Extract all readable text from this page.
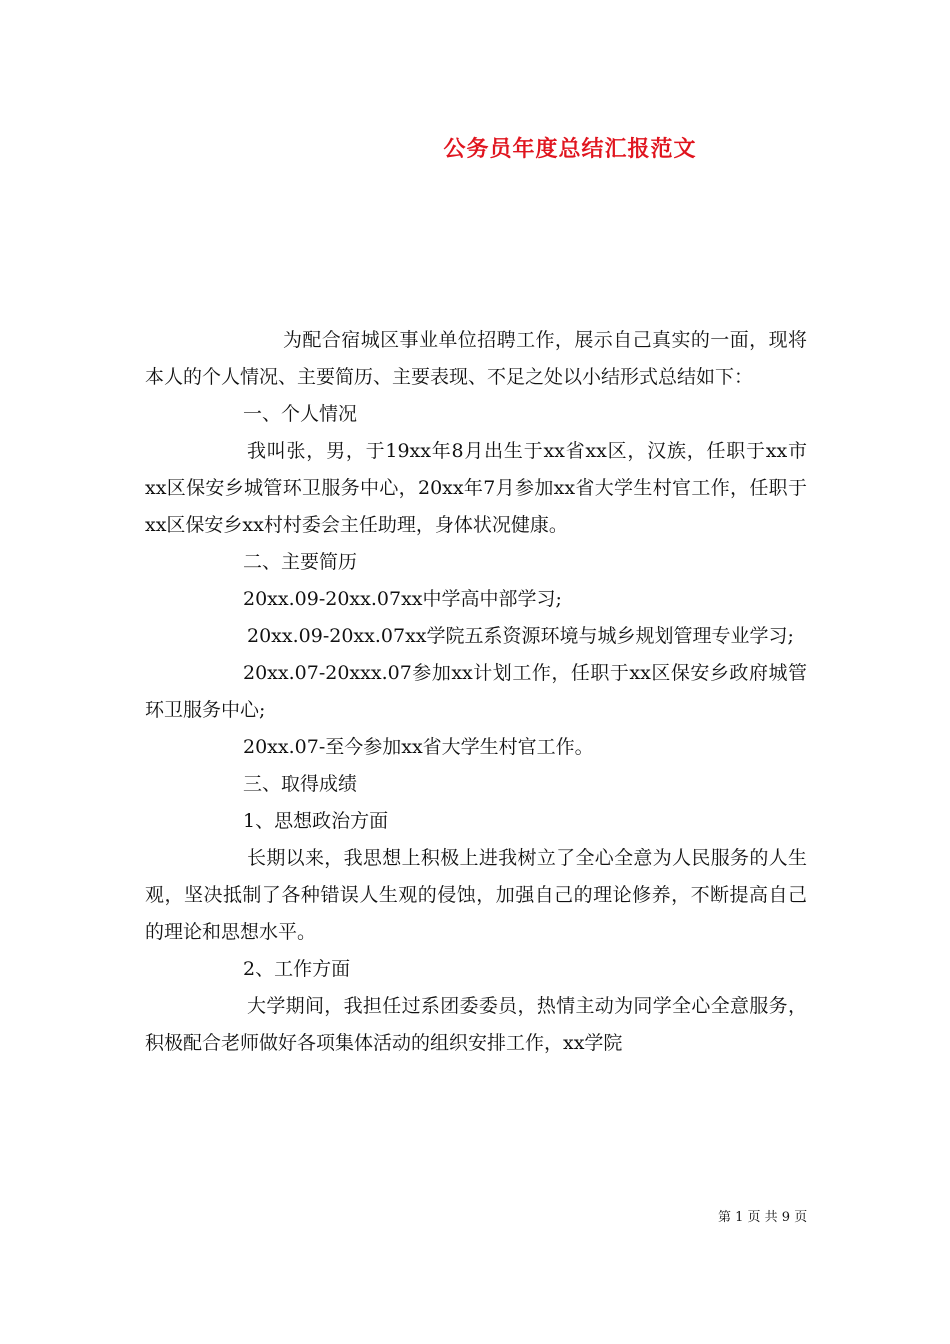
公务员年度总结汇报范文

为配合宿城区事业单位招聘工作，展示自己真实的一面，现将本人的个人情况、主要简历、主要表现、不足之处以小结形式总结如下：

一、个人情况

我叫张，男，于19xx年8月出生于xx省xx区，汉族，任职于xx市xx区保安乡城管环卫服务中心，20xx年7月参加xx省大学生村官工作，任职于xx区保安乡xx村村委会主任助理，身体状况健康。

二、主要简历

20xx.09-20xx.07xx中学高中部学习;

20xx.09-20xx.07xx学院五系资源环境与城乡规划管理专业学习;

20xx.07-20xxx.07参加xx计划工作，任职于xx区保安乡政府城管环卫服务中心;

20xx.07-至今参加xx省大学生村官工作。

三、取得成绩

1、思想政治方面

长期以来，我思想上积极上进我树立了全心全意为人民服务的人生观，坚决抵制了各种错误人生观的侵蚀，加强自己的理论修养，不断提高自己的理论和思想水平。

2、工作方面

大学期间，我担任过系团委委员，热情主动为同学全心全意服务，积极配合老师做好各项集体活动的组织安排工作，xx学院

第 1 页 共 9 页
